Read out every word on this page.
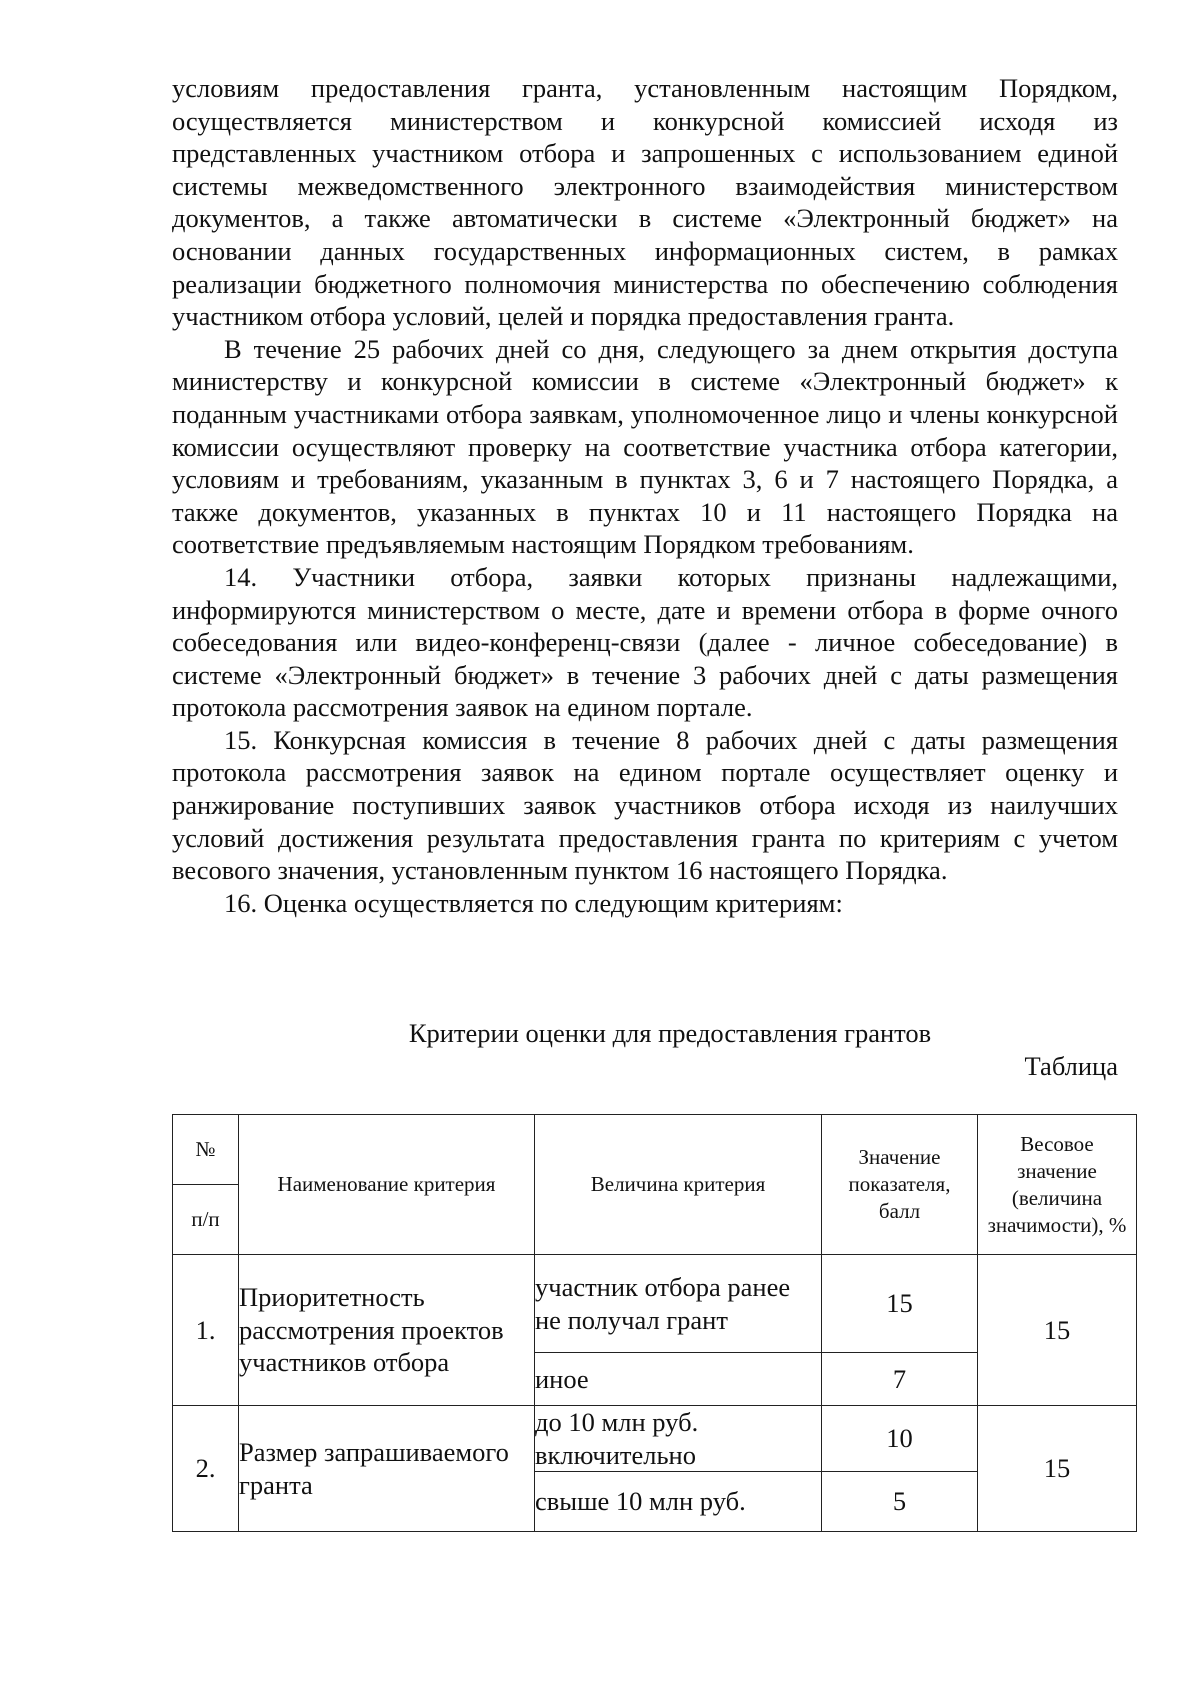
условиям предоставления гранта, установленным настоящим Порядком, осуществляется министерством и конкурсной комиссией исходя из представленных участником отбора и запрошенных с использованием единой системы межведомственного электронного взаимодействия министерством документов, а также автоматически в системе «Электронный бюджет» на основании данных государственных информационных систем, в рамках реализации бюджетного полномочия министерства по обеспечению соблюдения участником отбора условий, целей и порядка предоставления гранта.

В течение 25 рабочих дней со дня, следующего за днем открытия доступа министерству и конкурсной комиссии в системе «Электронный бюджет» к поданным участниками отбора заявкам, уполномоченное лицо и члены конкурсной комиссии осуществляют проверку на соответствие участника отбора категории, условиям и требованиям, указанным в пунктах 3, 6 и 7 настоящего Порядка, а также документов, указанных в пунктах 10 и 11 настоящего Порядка на соответствие предъявляемым настоящим Порядком требованиям.

14. Участники отбора, заявки которых признаны надлежащими, информируются министерством о месте, дате и времени отбора в форме очного собеседования или видео-конференц-связи (далее - личное собеседование) в системе «Электронный бюджет» в течение 3 рабочих дней с даты размещения протокола рассмотрения заявок на едином портале.

15. Конкурсная комиссия в течение 8 рабочих дней с даты размещения протокола рассмотрения заявок на едином портале осуществляет оценку и ранжирование поступивших заявок участников отбора исходя из наилучших условий достижения результата предоставления гранта по критериям с учетом весового значения, установленным пунктом 16 настоящего Порядка.

16. Оценка осуществляется по следующим критериям:

Критерии оценки для предоставления грантов
Таблица
№	Наименование критерия	Величина критерия	Значение показателя, балл	Весовое значение (величина значимости), %
п/п				
1.	Приоритетность рассмотрения проектов участников отбора	участник отбора ранее не получал грант	15	15
		иное	7	
2.	Размер запрашиваемого гранта	до 10 млн руб. включительно	10	15
		свыше 10 млн руб.	5	
